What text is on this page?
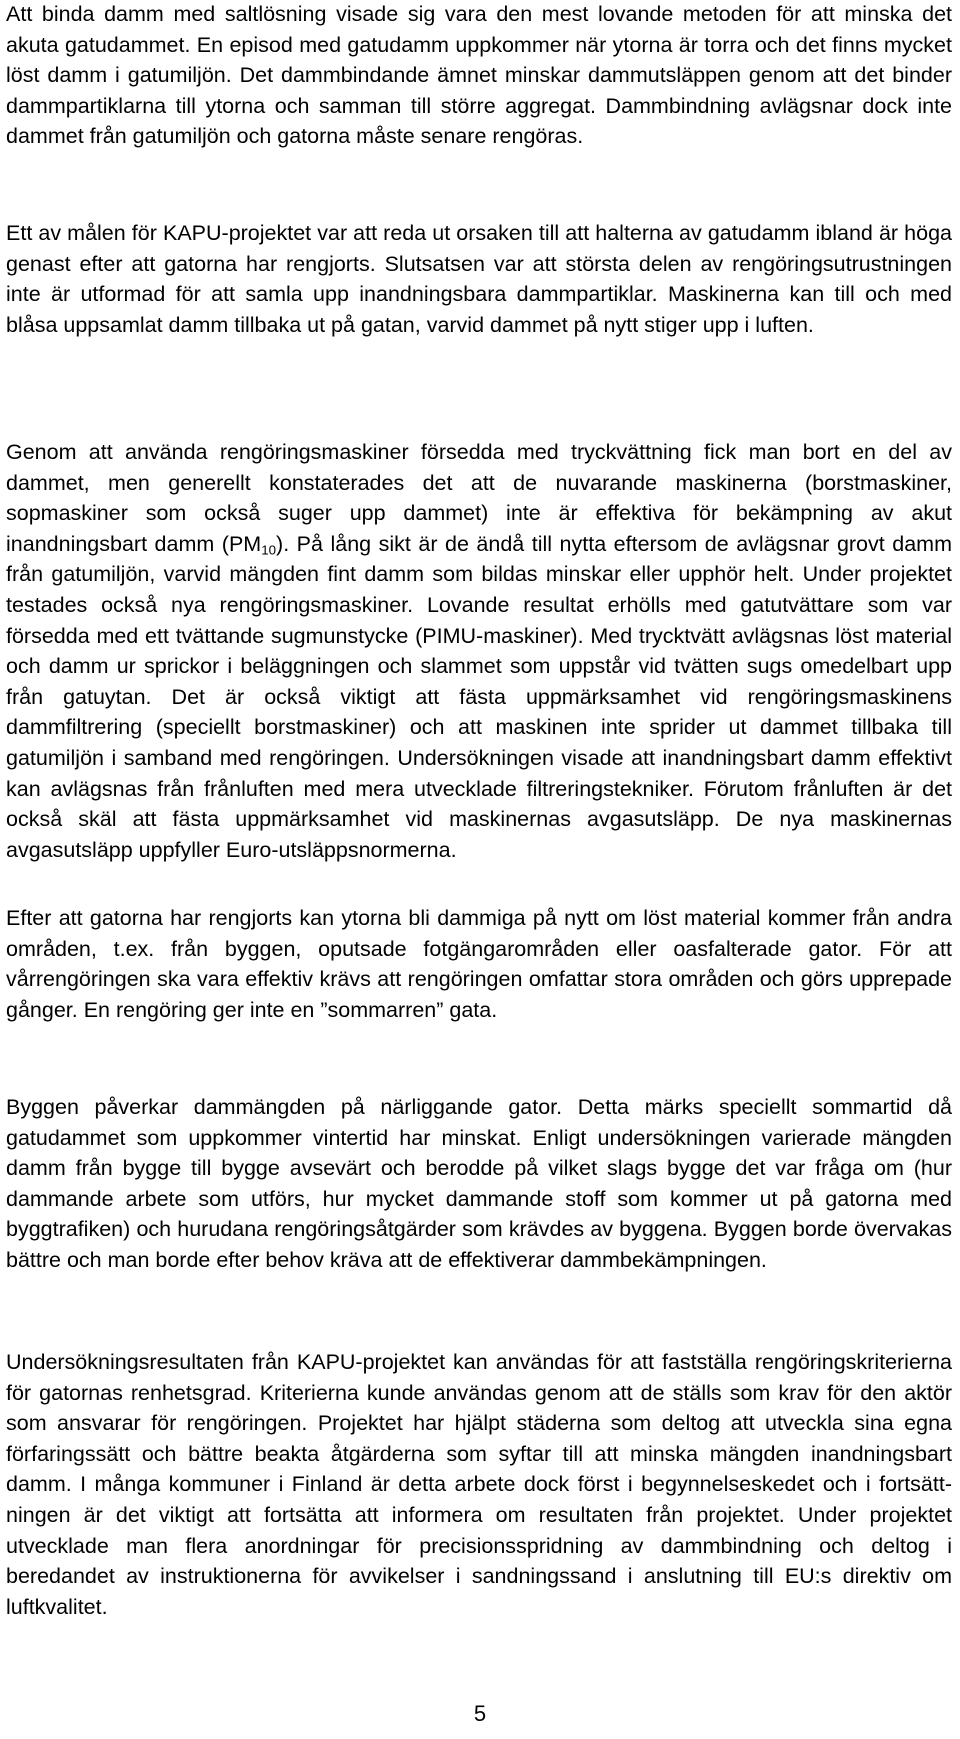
Att binda damm med saltlösning visade sig vara den mest lovande metoden för att minska det akuta gatudammet. En episod med gatudamm uppkommer när ytorna är torra och det finns mycket löst damm i gatumiljön. Det dammbindande ämnet minskar dammutsläppen genom att det binder dammpartiklarna till ytorna och samman till större aggregat. Dammbindning avlägsnar dock inte dammet från gatumiljön och gatorna måste senare rengöras.

Ett av målen för KAPU-projektet var att reda ut orsaken till att halterna av gatudamm ibland är höga genast efter att gatorna har rengjorts. Slutsatsen var att största delen av rengöringsutrustningen inte är utformad för att samla upp inandningsbara dammpartiklar. Maskinerna kan till och med blåsa uppsamlat damm tillbaka ut på gatan, varvid dammet på nytt stiger upp i luften.

Genom att använda rengöringsmaskiner försedda med tryckvättning fick man bort en del av dammet, men generellt konstaterades det att de nuvarande maskinerna (borstmaskiner, sopmaskiner som också suger upp dammet) inte är effektiva för bekämpning av akut inandningsbart damm $(PM_{10})$. På lång sikt är de ändå till nytta eftersom de avlägsnar grovt damm från gatumiljön, varvid mängden fint damm som bildas minskar eller upphör helt. Under projektet testades också nya rengöringsmaskiner. Lovande resultat erhölls med gatutvättare som var försedda med ett tvättande sugmunstycke (PIMU-maskiner). Med trycktvätt avlägsnas löst material och damm ur sprickor i beläggningen och slammet som uppstår vid tvätten sugs omedelbart upp från gatuytan. Det är också viktigt att fästa uppmärksamhet vid rengöringsmaskinens dammfiltrering (speciellt borstmaskiner) och att maskinen inte sprider ut dammet tillbaka till gatumiljön i samband med rengöringen. Undersökningen visade att inandningsbart damm effektivt kan avlägsnas från frånluften med mera utvecklade filtreringstekniker. Förutom frånluften är det också skäl att fästa uppmärksamhet vid maskinernas avgasutsläpp. De nya maskinernas avgasutsläpp uppfyller Euro-utsläppsnormerna.

Efter att gatorna har rengjorts kan ytorna bli dammiga på nytt om löst material kommer från andra områden, t.ex. från byggen, oputsade fotgängarområden eller oasfalterade gator. För att vårrengöringen ska vara effektiv krävs att rengöringen omfattar stora områden och görs upprepade gånger. En rengöring ger inte en ”sommarren” gata.

Byggen påverkar dammängden på närliggande gator. Detta märks speciellt sommartid då gatudammet som uppkommer vintertid har minskat. Enligt undersökningen varierade mängden damm från bygge till bygge avsevärt och berodde på vilket slags bygge det var fråga om (hur dammande arbete som utförs, hur mycket dammande stoff som kommer ut på gatorna med byggtrafiken) och hurudana rengöringsåtgärder som krävdes av byggena. Byggen borde övervakas bättre och man borde efter behov kräva att de effektiverar dammbekämpningen.

Undersökningsresultaten från KAPU-projektet kan användas för att fastställa rengöringskriterierna för gatornas renhetsgrad. Kriterierna kunde användas genom att de ställs som krav för den aktör som ansvarar för rengöringen. Projektet har hjälpt städerna som deltog att utveckla sina egna förfaringssätt och bättre beakta åtgärderna som syftar till att minska mängden inandningsbart damm. I många kommuner i Finland är detta arbete dock först i begynnelseskedet och i fortsättningen är det viktigt att fortsätta att informera om resultaten från projektet. Under projektet utvecklade man flera anordningar för precisionsspridning av dammbindning och deltog i beredandet av instruktionerna för avvikelser i sandningssand i anslutning till EU:s direktiv om luftkvalitet.

5
